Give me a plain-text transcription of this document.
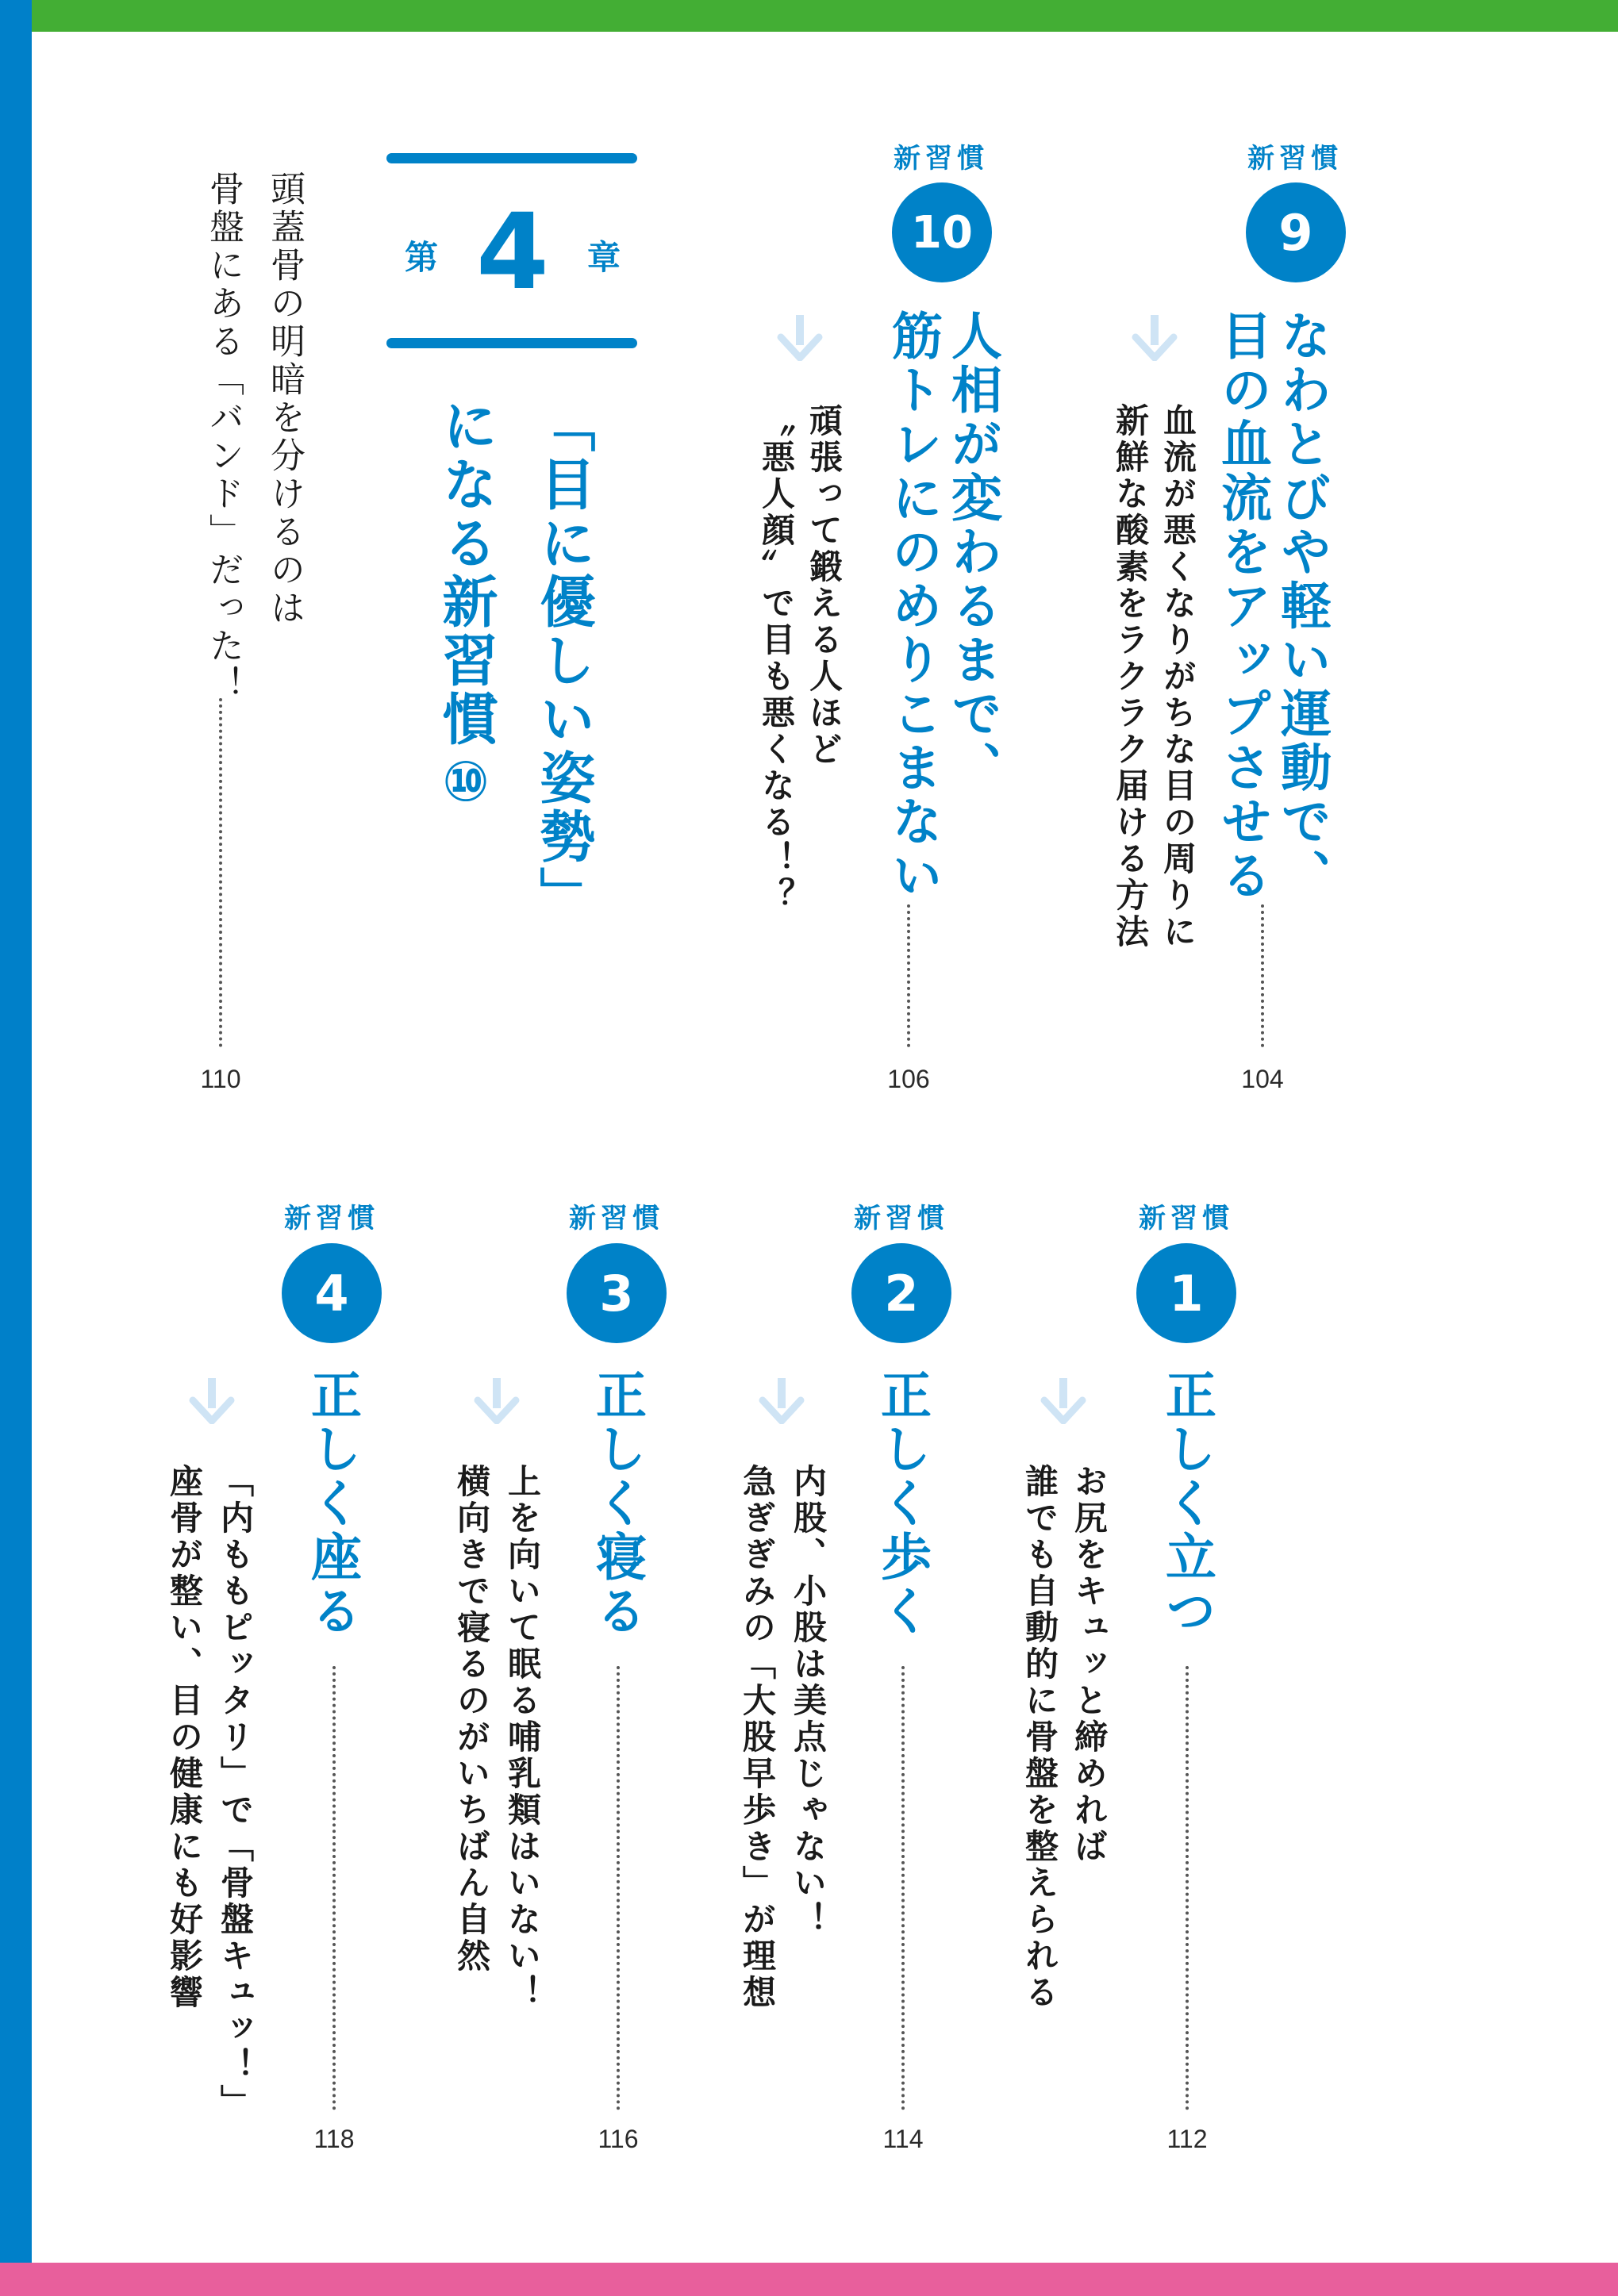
新習慣
9
なわとびや軽い運動で、
目の血流をアップさせる
血流が悪くなりがちな目の周りに
新鮮な酸素をラクラク届ける方法
104
新習慣
10
人相が変わるまで、
筋トレにのめりこまない
頑張って鍛える人ほど
〝悪人顔〟で目も悪くなる！？
106
第 4 章
「目に優しい姿勢」
になる新習慣⑩
頭蓋骨の明暗を分けるのは
骨盤にある「バンド」だった！
110
新習慣
1
正しく立つ
お尻をキュッと締めれば
誰でも自動的に骨盤を整えられる
112
新習慣
2
正しく歩く
内股、小股は美点じゃない！
急ぎぎみの「大股早歩き」が理想
114
新習慣
3
正しく寝る
上を向いて眠る哺乳類はいない！
横向きで寝るのがいちばん自然
116
新習慣
4
正しく座る
「内ももピッタリ」で「骨盤キュッ！」
座骨が整い、目の健康にも好影響
118
